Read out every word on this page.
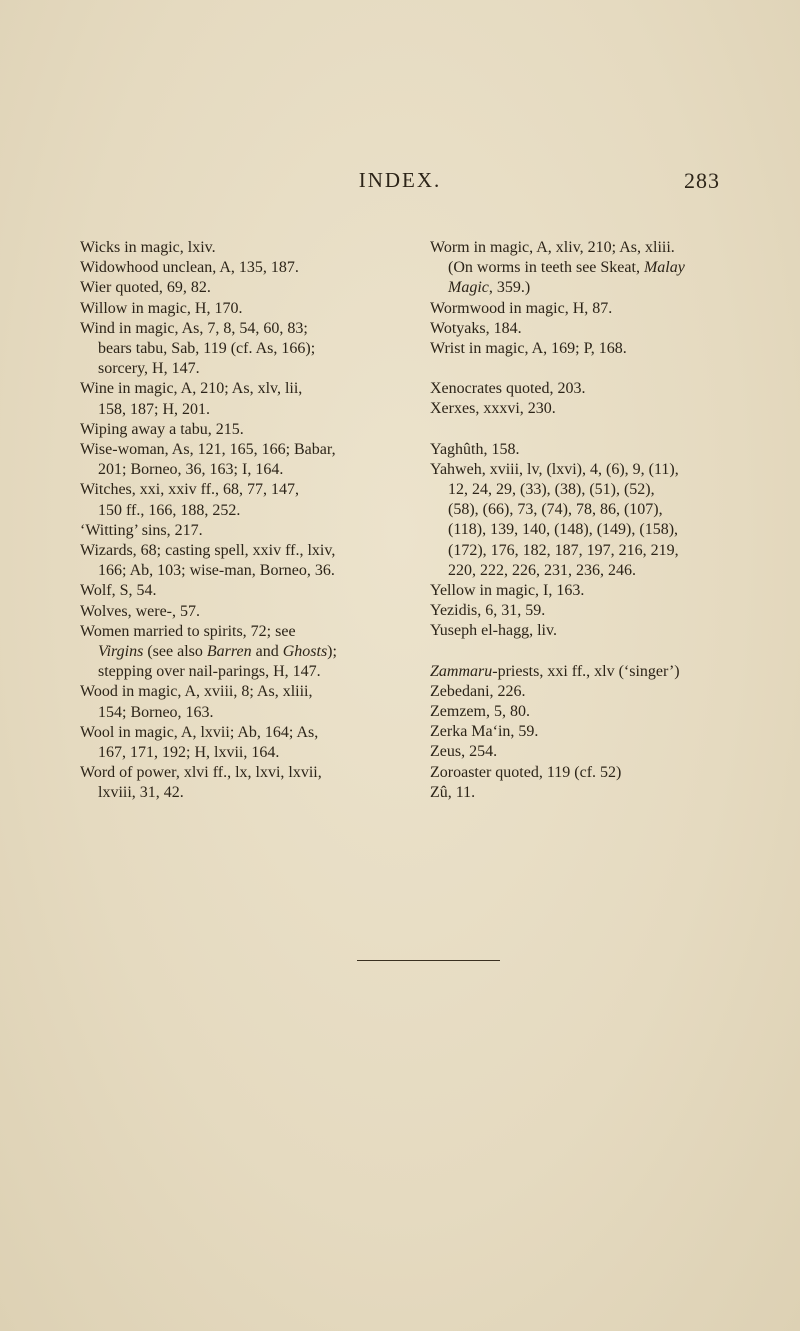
INDEX.	283
Wicks in magic, lxiv.
Widowhood unclean, A, 135, 187.
Wier quoted, 69, 82.
Willow in magic, H, 170.
Wind in magic, As, 7, 8, 54, 60, 83;
bears tabu, Sab, 119 (cf. As, 166);
sorcery, H, 147.
Wine in magic, A, 210; As, xlv, lii,
158, 187; H, 201.
Wiping away a tabu, 215.
Wise-woman, As, 121, 165, 166; Babar,
201; Borneo, 36, 163; I, 164.
Witches, xxi, xxiv ff., 68, 77, 147,
150 ff., 166, 188, 252.
‘Witting’ sins, 217.
Wizards, 68; casting spell, xxiv ff., lxiv,
166; Ab, 103; wise-man, Borneo, 36.
Wolf, S, 54.
Wolves, were-, 57.
Women married to spirits, 72; see
Virgins (see also Barren and Ghosts);
stepping over nail-parings, H, 147.
Wood in magic, A, xviii, 8; As, xliii,
154; Borneo, 163.
Wool in magic, A, lxvii; Ab, 164; As,
167, 171, 192; H, lxvii, 164.
Word of power, xlvi ff., lx, lxvi, lxvii,
lxviii, 31, 42.
Worm in magic, A, xliv, 210; As, xliii.
(On worms in teeth see Skeat, Malay
Magic, 359.)
Wormwood in magic, H, 87.
Wotyaks, 184.
Wrist in magic, A, 169; P, 168.
Xenocrates quoted, 203.
Xerxes, xxxvi, 230.
Yaghûth, 158.
Yahweh, xviii, lv, (lxvi), 4, (6), 9, (11),
12, 24, 29, (33), (38), (51), (52),
(58), (66), 73, (74), 78, 86, (107),
(118), 139, 140, (148), (149), (158),
(172), 176, 182, 187, 197, 216, 219,
220, 222, 226, 231, 236, 246.
Yellow in magic, I, 163.
Yezidis, 6, 31, 59.
Yuseph el-hagg, liv.
Zammaru-priests, xxi ff., xlv (‘singer’)
Zebedani, 226.
Zemzem, 5, 80.
Zerka Ma‘in, 59.
Zeus, 254.
Zoroaster quoted, 119 (cf. 52)
Zû, 11.
